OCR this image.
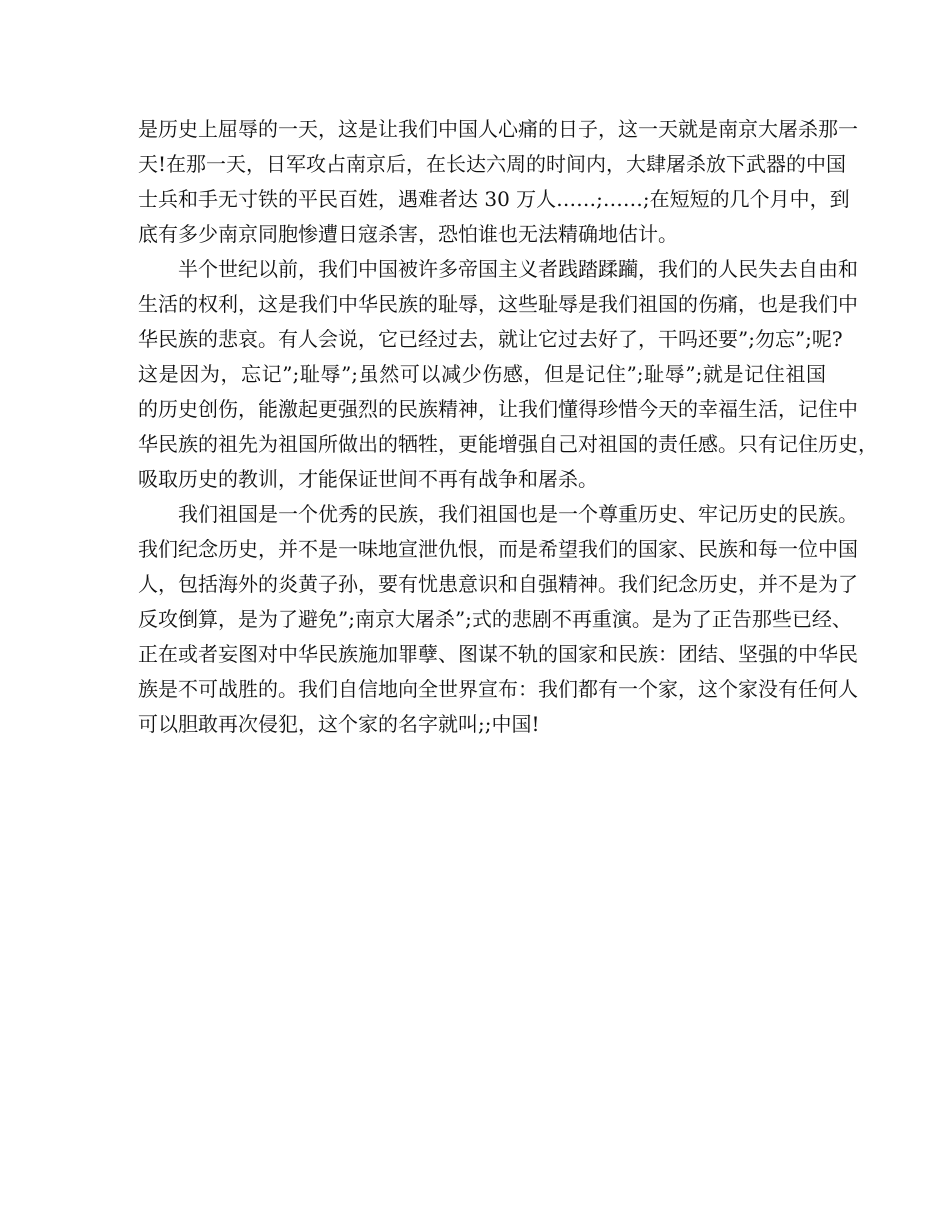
是历史上屈辱的一天，这是让我们中国人心痛的日子，这一天就是南京大屠杀那一
天!在那一天，日军攻占南京后，在长达六周的时间内，大肆屠杀放下武器的中国
士兵和手无寸铁的平民百姓，遇难者达 30 万人……;……;在短短的几个月中，到
底有多少南京同胞惨遭日寇杀害，恐怕谁也无法精确地估计。
半个世纪以前，我们中国被许多帝国主义者践踏蹂躏，我们的人民失去自由和
生活的权利，这是我们中华民族的耻辱，这些耻辱是我们祖国的伤痛，也是我们中
华民族的悲哀。有人会说，它已经过去，就让它过去好了，干吗还要”;勿忘”;呢?
这是因为，忘记”;耻辱”;虽然可以减少伤感，但是记住”;耻辱”;就是记住祖国
的历史创伤，能激起更强烈的民族精神，让我们懂得珍惜今天的幸福生活，记住中
华民族的祖先为祖国所做出的牺牲，更能增强自己对祖国的责任感。只有记住历史，
吸取历史的教训，才能保证世间不再有战争和屠杀。
我们祖国是一个优秀的民族，我们祖国也是一个尊重历史、牢记历史的民族。
我们纪念历史，并不是一味地宣泄仇恨，而是希望我们的国家、民族和每一位中国
人，包括海外的炎黄子孙，要有忧患意识和自强精神。我们纪念历史，并不是为了
反攻倒算，是为了避免”;南京大屠杀”;式的悲剧不再重演。是为了正告那些已经、
正在或者妄图对中华民族施加罪孽、图谋不轨的国家和民族：团结、坚强的中华民
族是不可战胜的。我们自信地向全世界宣布：我们都有一个家，这个家没有任何人
可以胆敢再次侵犯，这个家的名字就叫;;中国!
